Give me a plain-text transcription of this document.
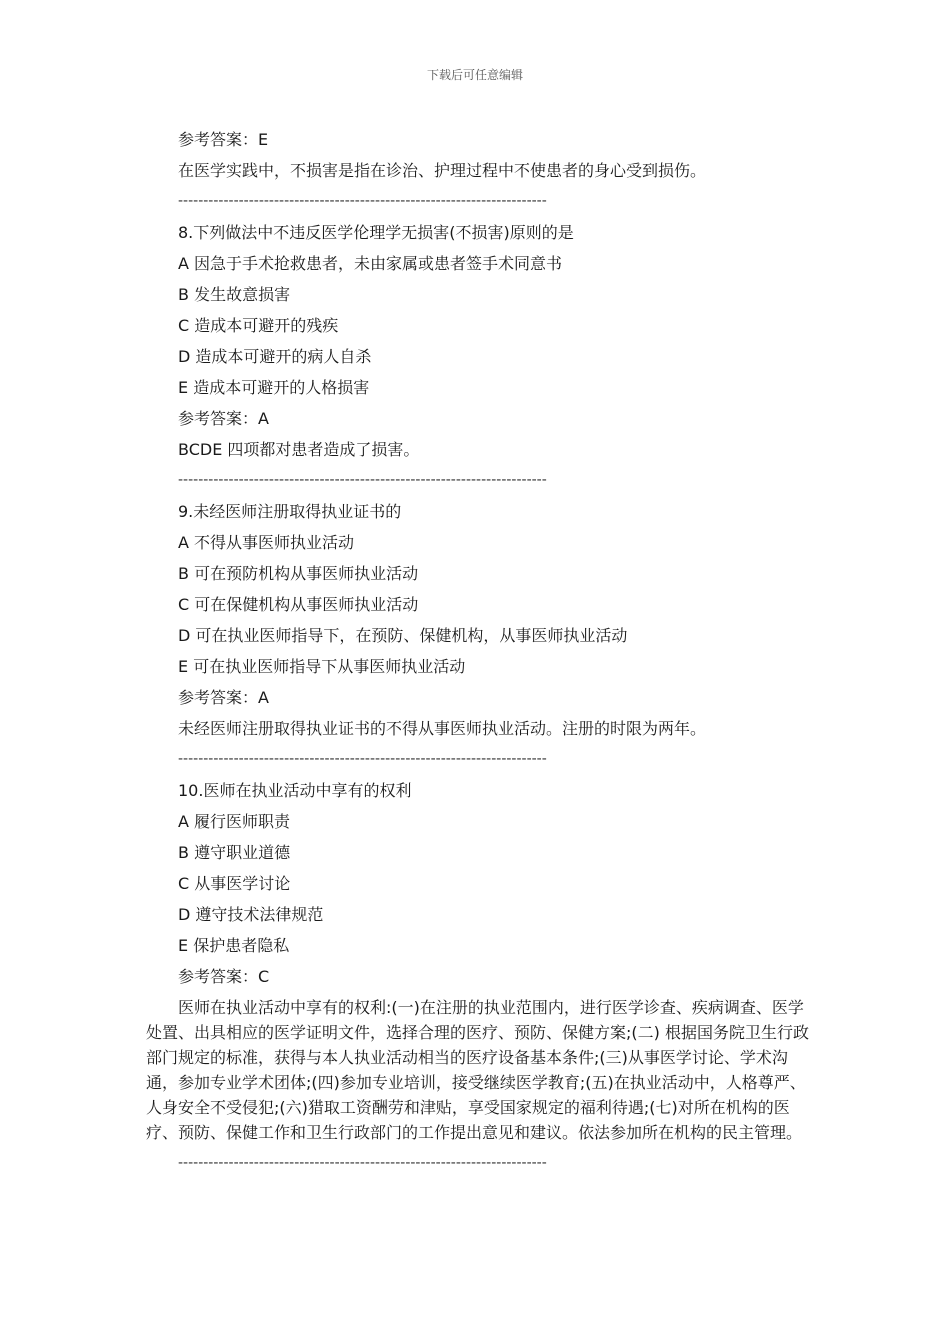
下载后可任意编辑
参考答案：E
在医学实践中，不损害是指在诊治、护理过程中不使患者的身心受到损伤。
-------------------------------------------------------------------------
8.下列做法中不违反医学伦理学无损害(不损害)原则的是
A 因急于手术抢救患者，未由家属或患者签手术同意书
B 发生故意损害
C 造成本可避开的残疾
D 造成本可避开的病人自杀
E 造成本可避开的人格损害
参考答案：A
BCDE 四项都对患者造成了损害。
-------------------------------------------------------------------------
9.未经医师注册取得执业证书的
A 不得从事医师执业活动
B 可在预防机构从事医师执业活动
C 可在保健机构从事医师执业活动
D 可在执业医师指导下，在预防、保健机构，从事医师执业活动
E 可在执业医师指导下从事医师执业活动
参考答案：A
未经医师注册取得执业证书的不得从事医师执业活动。注册的时限为两年。
-------------------------------------------------------------------------
10.医师在执业活动中享有的权利
A 履行医师职责
B 遵守职业道德
C 从事医学讨论
D 遵守技术法律规范
E 保护患者隐私
参考答案：C
医师在执业活动中享有的权利:(一)在注册的执业范围内，进行医学诊查、疾病调查、医学处置、出具相应的医学证明文件，选择合理的医疗、预防、保健方案;(二) 根据国务院卫生行政部门规定的标准，获得与本人执业活动相当的医疗设备基本条件;(三)从事医学讨论、学术沟通，参加专业学术团体;(四)参加专业培训，接受继续医学教育;(五)在执业活动中，人格尊严、人身安全不受侵犯;(六)猎取工资酬劳和津贴，享受国家规定的福利待遇;(七)对所在机构的医疗、预防、保健工作和卫生行政部门的工作提出意见和建议。依法参加所在机构的民主管理。
-------------------------------------------------------------------------
